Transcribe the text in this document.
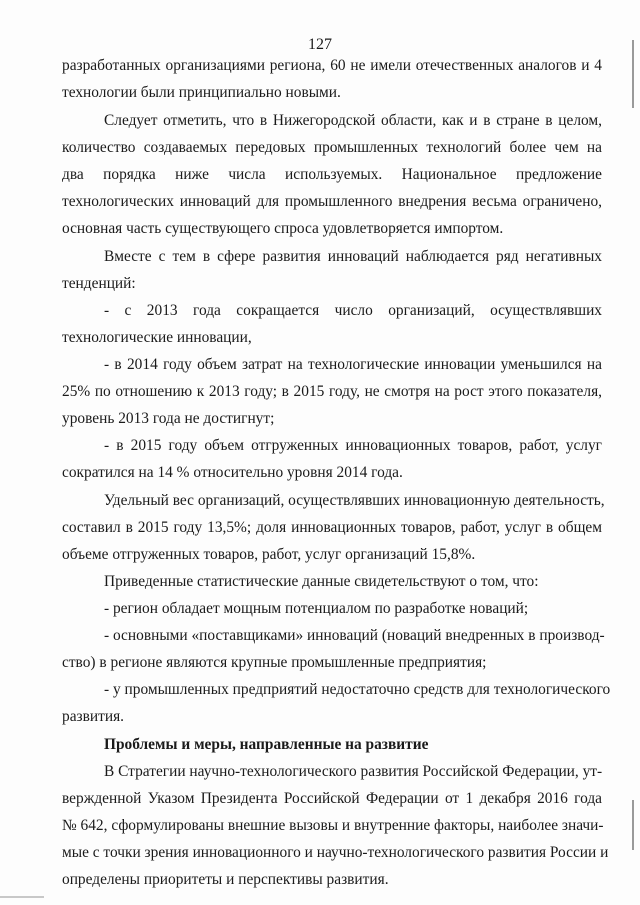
127
разработанных организациями региона, 60 не имели отечественных аналогов и 4
технологии были принципиально новыми.
Следует отметить, что в Нижегородской области, как и в стране в целом,
количество создаваемых передовых промышленных технологий более чем на
два порядка ниже числа используемых. Национальное предложение
технологических инноваций для промышленного внедрения весьма ограничено,
основная часть существующего спроса удовлетворяется импортом.
Вместе с тем в сфере развития инноваций наблюдается ряд негативных
тенденций:
- с 2013 года сокращается число организаций, осуществлявших
технологические инновации,
- в 2014 году объем затрат на технологические инновации уменьшился на
25% по отношению к 2013 году; в 2015 году, не смотря на рост этого показателя,
уровень 2013 года не достигнут;
- в 2015 году объем отгруженных инновационных товаров, работ, услуг
сократился на 14 % относительно уровня 2014 года.
Удельный вес организаций, осуществлявших инновационную деятельность,
составил в 2015 году 13,5%; доля инновационных товаров, работ, услуг в общем
объеме отгруженных товаров, работ, услуг организаций 15,8%.
Приведенные статистические данные свидетельствуют о том, что:
- регион обладает мощным потенциалом по разработке новаций;
- основными «поставщиками» инноваций (новаций внедренных в производ-
ство) в регионе являются крупные промышленные предприятия;
- у промышленных предприятий недостаточно средств для технологического
развития.
Проблемы и меры, направленные на развитие
В Стратегии научно-технологического развития Российской Федерации, ут-
вержденной Указом Президента Российской Федерации от 1 декабря 2016 года
№ 642, сформулированы внешние вызовы и внутренние факторы, наиболее значи-
мые с точки зрения инновационного и научно-технологического развития России и
определены приоритеты и перспективы развития.
